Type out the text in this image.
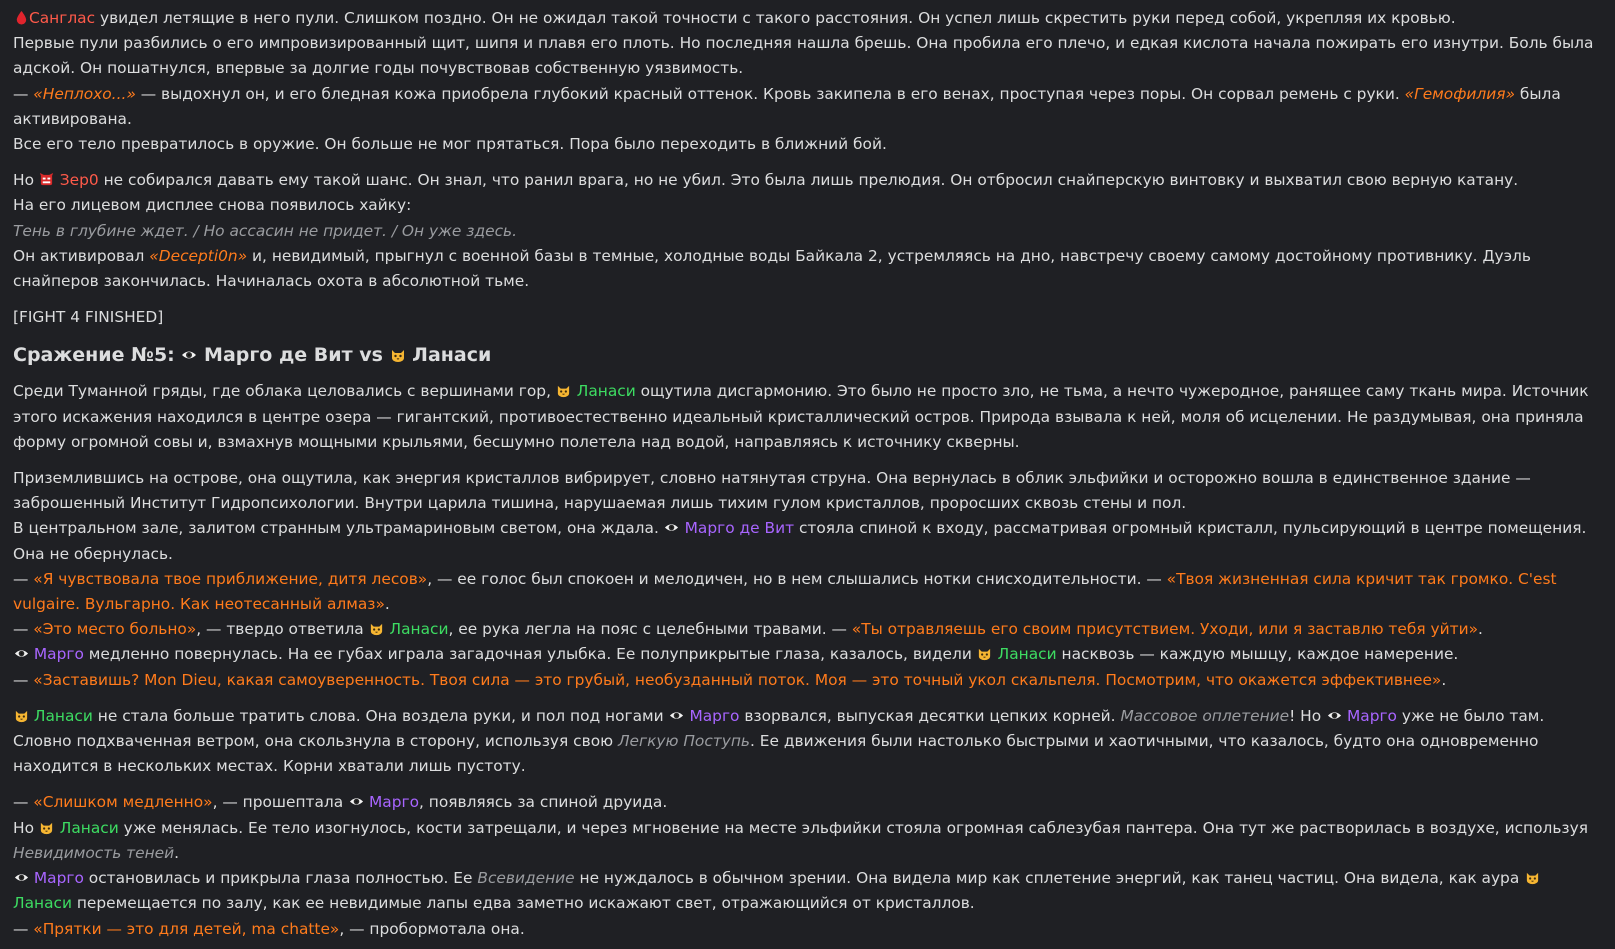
Санглас увидел летящие в него пули. Слишком поздно. Он не ожидал такой точности с такого расстояния. Он успел лишь скрестить руки перед собой, укрепляя их кровью.
Первые пули разбились о его импровизированный щит, шипя и плавя его плоть. Но последняя нашла брешь. Она пробила его плечо, и едкая кислота начала пожирать его изнутри. Боль была адской. Он пошатнулся, впервые за долгие годы почувствовав собственную уязвимость.
— «Неплохо...» — выдохнул он, и его бледная кожа приобрела глубокий красный оттенок. Кровь закипела в его венах, проступая через поры. Он сорвал ремень с руки. «Гемофилия» была активирована.
Все его тело превратилось в оружие. Он больше не мог прятаться. Пора было переходить в ближний бой.
Но  Зер0 не собирался давать ему такой шанс. Он знал, что ранил врага, но не убил. Это была лишь прелюдия. Он отбросил снайперскую винтовку и выхватил свою верную катану.
На его лицевом дисплее снова появилось хайку:
Тень в глубине ждет. / Но ассасин не придет. / Он уже здесь.
Он активировал «Decepti0n» и, невидимый, прыгнул с военной базы в темные, холодные воды Байкала 2, устремляясь на дно, навстречу своему самому достойному противнику. Дуэль снайперов закончилась. Начиналась охота в абсолютной тьме.
[FIGHT 4 FINISHED]
Сражение №5:  Марго де Вит vs  Ланаси
Среди Туманной гряды, где облака целовались с вершинами гор,  Ланаси ощутила дисгармонию. Это было не просто зло, не тьма, а нечто чужеродное, ранящее саму ткань мира. Источник этого искажения находился в центре озера — гигантский, противоестественно идеальный кристаллический остров. Природа взывала к ней, моля об исцелении. Не раздумывая, она приняла форму огромной совы и, взмахнув мощными крыльями, бесшумно полетела над водой, направляясь к источнику скверны.
Приземлившись на острове, она ощутила, как энергия кристаллов вибрирует, словно натянутая струна. Она вернулась в облик эльфийки и осторожно вошла в единственное здание — заброшенный Институт Гидропсихологии. Внутри царила тишина, нарушаемая лишь тихим гулом кристаллов, проросших сквозь стены и пол.
В центральном зале, залитом странным ультрамариновым светом, она ждала.  Марго де Вит стояла спиной к входу, рассматривая огромный кристалл, пульсирующий в центре помещения. Она не обернулась.
— «Я чувствовала твое приближение, дитя лесов», — ее голос был спокоен и мелодичен, но в нем слышались нотки снисходительности. — «Твоя жизненная сила кричит так громко. C'est vulgaire. Вульгарно. Как неотесанный алмаз».
— «Это место больно», — твердо ответила  Ланаси, ее рука легла на пояс с целебными травами. — «Ты отравляешь его своим присутствием. Уходи, или я заставлю тебя уйти».
Марго медленно повернулась. На ее губах играла загадочная улыбка. Ее полуприкрытые глаза, казалось, видели  Ланаси насквозь — каждую мышцу, каждое намерение.
— «Заставишь? Mon Dieu, какая самоуверенность. Твоя сила — это грубый, необузданный поток. Моя — это точный укол скальпеля. Посмотрим, что окажется эффективнее».
Ланаси не стала больше тратить слова. Она воздела руки, и пол под ногами  Марго взорвался, выпуская десятки цепких корней. Массовое оплетение! Но  Марго уже не было там. Словно подхваченная ветром, она скользнула в сторону, используя свою Легкую Поступь. Ее движения были настолько быстрыми и хаотичными, что казалось, будто она одновременно находится в нескольких местах. Корни хватали лишь пустоту.
— «Слишком медленно», — прошептала  Марго, появляясь за спиной друида.
Но  Ланаси уже менялась. Ее тело изогнулось, кости затрещали, и через мгновение на месте эльфийки стояла огромная саблезубая пантера. Она тут же растворилась в воздухе, используя Невидимость теней.
Марго остановилась и прикрыла глаза полностью. Ее Всевидение не нуждалось в обычном зрении. Она видела мир как сплетение энергий, как танец частиц. Она видела, как аура  Ланаси перемещается по залу, как ее невидимые лапы едва заметно искажают свет, отражающийся от кристаллов.
— «Прятки — это для детей, ma chatte», — пробормотала она.
